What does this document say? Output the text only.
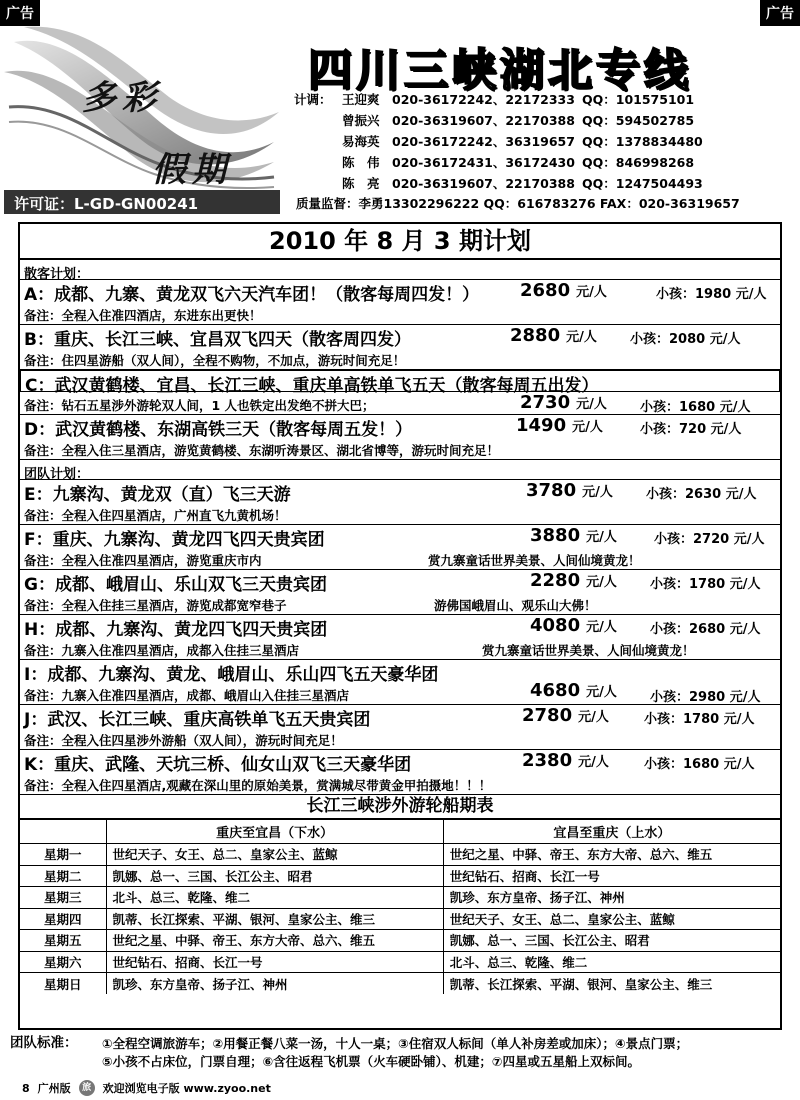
广告	广告
多彩
假期
许可证：L-GD-GN00241
四川三峡湖北专线
计调： 王迎爽 020-36172242、22172333 QQ：101575101
曾振兴 020-36319607、22170388 QQ：594502785
易海英 020-36172242、36319657 QQ：1378834480
陈　伟 020-36172431、36172430 QQ：846998268
陈　亮 020-36319607、22170388 QQ：1247504493
质量监督：李勇13302296222 QQ：616783276 FAX：020-36319657
2010 年 8 月 3 期计划
散客计划：
A：成都、九寨、黄龙双飞六天汽车团！（散客每周四发！） 2680 元/人	小孩：1980 元/人
备注：全程入住准四酒店，东进东出更快！
B：重庆、长江三峡、宜昌双飞四天（散客周四发）	2880 元/人	小孩：2080 元/人
备注：住四星游船（双人间），全程不购物，不加点，游玩时间充足！
C：武汉黄鹤楼、宜昌、长江三峡、重庆单高铁单飞五天（散客每周五出发）
备注：钻石五星涉外游轮双人间，1 人也铁定出发绝不拼大巴；	2730 元/人	小孩：1680 元/人
D：武汉黄鹤楼、东湖高铁三天（散客每周五发！）	1490 元/人	小孩：720 元/人
备注：全程入住三星酒店，游览黄鹤楼、东湖听涛景区、湖北省博等，游玩时间充足！
团队计划：
E：九寨沟、黄龙双（直）飞三天游	3780 元/人	小孩：2630 元/人
备注：全程入住四星酒店，广州直飞九黄机场！
F：重庆、九寨沟、黄龙四飞四天贵宾团	3880 元/人	小孩：2720 元/人
备注：全程入住准四星酒店，游览重庆市内	赏九寨童话世界美景、人间仙境黄龙！
G：成都、峨眉山、乐山双飞三天贵宾团	2280 元/人	小孩：1780 元/人
备注：全程入住挂三星酒店，游览成都宽窄巷子	游佛国峨眉山、观乐山大佛！
H：成都、九寨沟、黄龙四飞四天贵宾团	4080 元/人	小孩：2680 元/人
备注：九寨入住准四星酒店，成都入住挂三星酒店	赏九寨童话世界美景、人间仙境黄龙！
I：成都、九寨沟、黄龙、峨眉山、乐山四飞五天豪华团
备注：九寨入住准四星酒店，成都、峨眉山入住挂三星酒店	4680 元/人	小孩：2980 元/人
J：武汉、长江三峡、重庆高铁单飞五天贵宾团	2780 元/人	小孩：1780 元/人
备注：全程入住四星涉外游船（双人间），游玩时间充足！
K：重庆、武隆、天坑三桥、仙女山双飞三天豪华团	2380 元/人	小孩：1680 元/人
备注：全程入住四星酒店,观藏在深山里的原始美景，赏满城尽带黄金甲拍摄地！！！
长江三峡涉外游轮船期表
	重庆至宜昌（下水）	宜昌至重庆（上水）
星期一	世纪天子、女王、总二、皇家公主、蓝鲸	世纪之星、中驿、帝王、东方大帝、总六、维五
星期二	凯娜、总一、三国、长江公主、昭君	世纪钻石、招商、长江一号
星期三	北斗、总三、乾隆、维二	凯珍、东方皇帝、扬子江、神州
星期四	凯蒂、长江探索、平湖、银河、皇家公主、维三	世纪天子、女王、总二、皇家公主、蓝鲸
星期五	世纪之星、中驿、帝王、东方大帝、总六、维五	凯娜、总一、三国、长江公主、昭君
星期六	世纪钻石、招商、长江一号	北斗、总三、乾隆、维二
星期日	凯珍、东方皇帝、扬子江、神州	凯蒂、长江探索、平湖、银河、皇家公主、维三
团队标准： ①全程空调旅游车；②用餐正餐八菜一汤，十人一桌；③住宿双人标间（单人补房差或加床）；④景点门票；
⑤小孩不占床位，门票自理；⑥含往返程飞机票（火车硬卧铺）、机建；⑦四星或五星船上双标间。
8 广州版	旅	欢迎浏览电子版 www.zyoo.net
